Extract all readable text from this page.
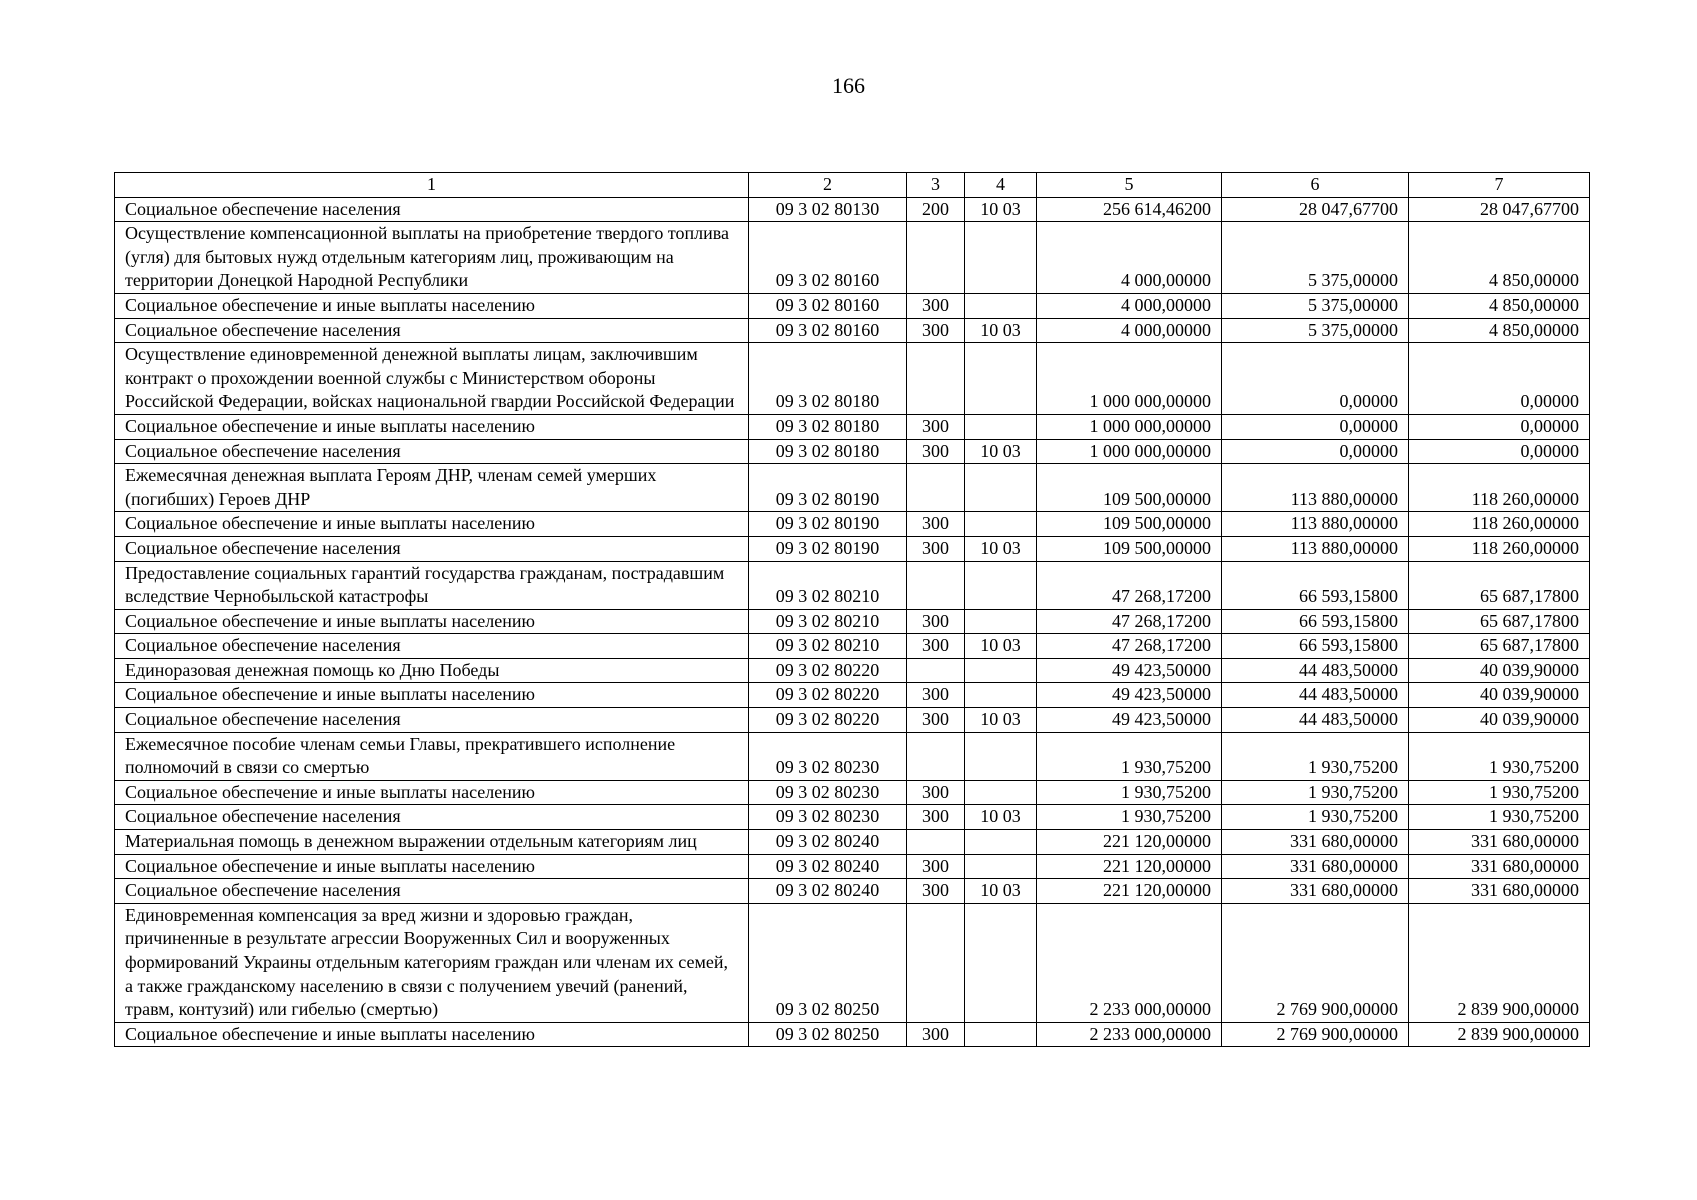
166
1	2	3	4	5	6	7
Социальное обеспечение населения	09 3 02 80130	200	10 03	256 614,46200	28 047,67700	28 047,67700
Осуществление компенсационной выплаты на приобретение твердого топлива (угля) для бытовых нужд отдельным категориям лиц, проживающим на территории Донецкой Народной Республики	09 3 02 80160			4 000,00000	5 375,00000	4 850,00000
Социальное обеспечение и иные выплаты населению	09 3 02 80160	300		4 000,00000	5 375,00000	4 850,00000
Социальное обеспечение населения	09 3 02 80160	300	10 03	4 000,00000	5 375,00000	4 850,00000
Осуществление единовременной денежной выплаты лицам, заключившим контракт о прохождении военной службы с Министерством обороны Российской Федерации, войсках национальной гвардии Российской Федерации	09 3 02 80180			1 000 000,00000	0,00000	0,00000
Социальное обеспечение и иные выплаты населению	09 3 02 80180	300		1 000 000,00000	0,00000	0,00000
Социальное обеспечение населения	09 3 02 80180	300	10 03	1 000 000,00000	0,00000	0,00000
Ежемесячная денежная выплата Героям ДНР, членам семей умерших (погибших) Героев ДНР	09 3 02 80190			109 500,00000	113 880,00000	118 260,00000
Социальное обеспечение и иные выплаты населению	09 3 02 80190	300		109 500,00000	113 880,00000	118 260,00000
Социальное обеспечение населения	09 3 02 80190	300	10 03	109 500,00000	113 880,00000	118 260,00000
Предоставление социальных гарантий государства гражданам, пострадавшим вследствие Чернобыльской катастрофы	09 3 02 80210			47 268,17200	66 593,15800	65 687,17800
Социальное обеспечение и иные выплаты населению	09 3 02 80210	300		47 268,17200	66 593,15800	65 687,17800
Социальное обеспечение населения	09 3 02 80210	300	10 03	47 268,17200	66 593,15800	65 687,17800
Единоразовая денежная помощь ко Дню Победы	09 3 02 80220			49 423,50000	44 483,50000	40 039,90000
Социальное обеспечение и иные выплаты населению	09 3 02 80220	300		49 423,50000	44 483,50000	40 039,90000
Социальное обеспечение населения	09 3 02 80220	300	10 03	49 423,50000	44 483,50000	40 039,90000
Ежемесячное пособие членам семьи Главы, прекратившего исполнение полномочий в связи со смертью	09 3 02 80230			1 930,75200	1 930,75200	1 930,75200
Социальное обеспечение и иные выплаты населению	09 3 02 80230	300		1 930,75200	1 930,75200	1 930,75200
Социальное обеспечение населения	09 3 02 80230	300	10 03	1 930,75200	1 930,75200	1 930,75200
Материальная помощь в денежном выражении отдельным категориям лиц	09 3 02 80240			221 120,00000	331 680,00000	331 680,00000
Социальное обеспечение и иные выплаты населению	09 3 02 80240	300		221 120,00000	331 680,00000	331 680,00000
Социальное обеспечение населения	09 3 02 80240	300	10 03	221 120,00000	331 680,00000	331 680,00000
Единовременная компенсация за вред жизни и здоровью граждан, причиненные в результате агрессии Вооруженных Сил и вооруженных формирований Украины отдельным категориям граждан или членам их семей, а также гражданскому населению в связи с получением увечий (ранений, травм, контузий) или гибелью (смертью)	09 3 02 80250			2 233 000,00000	2 769 900,00000	2 839 900,00000
Социальное обеспечение и иные выплаты населению	09 3 02 80250	300		2 233 000,00000	2 769 900,00000	2 839 900,00000
